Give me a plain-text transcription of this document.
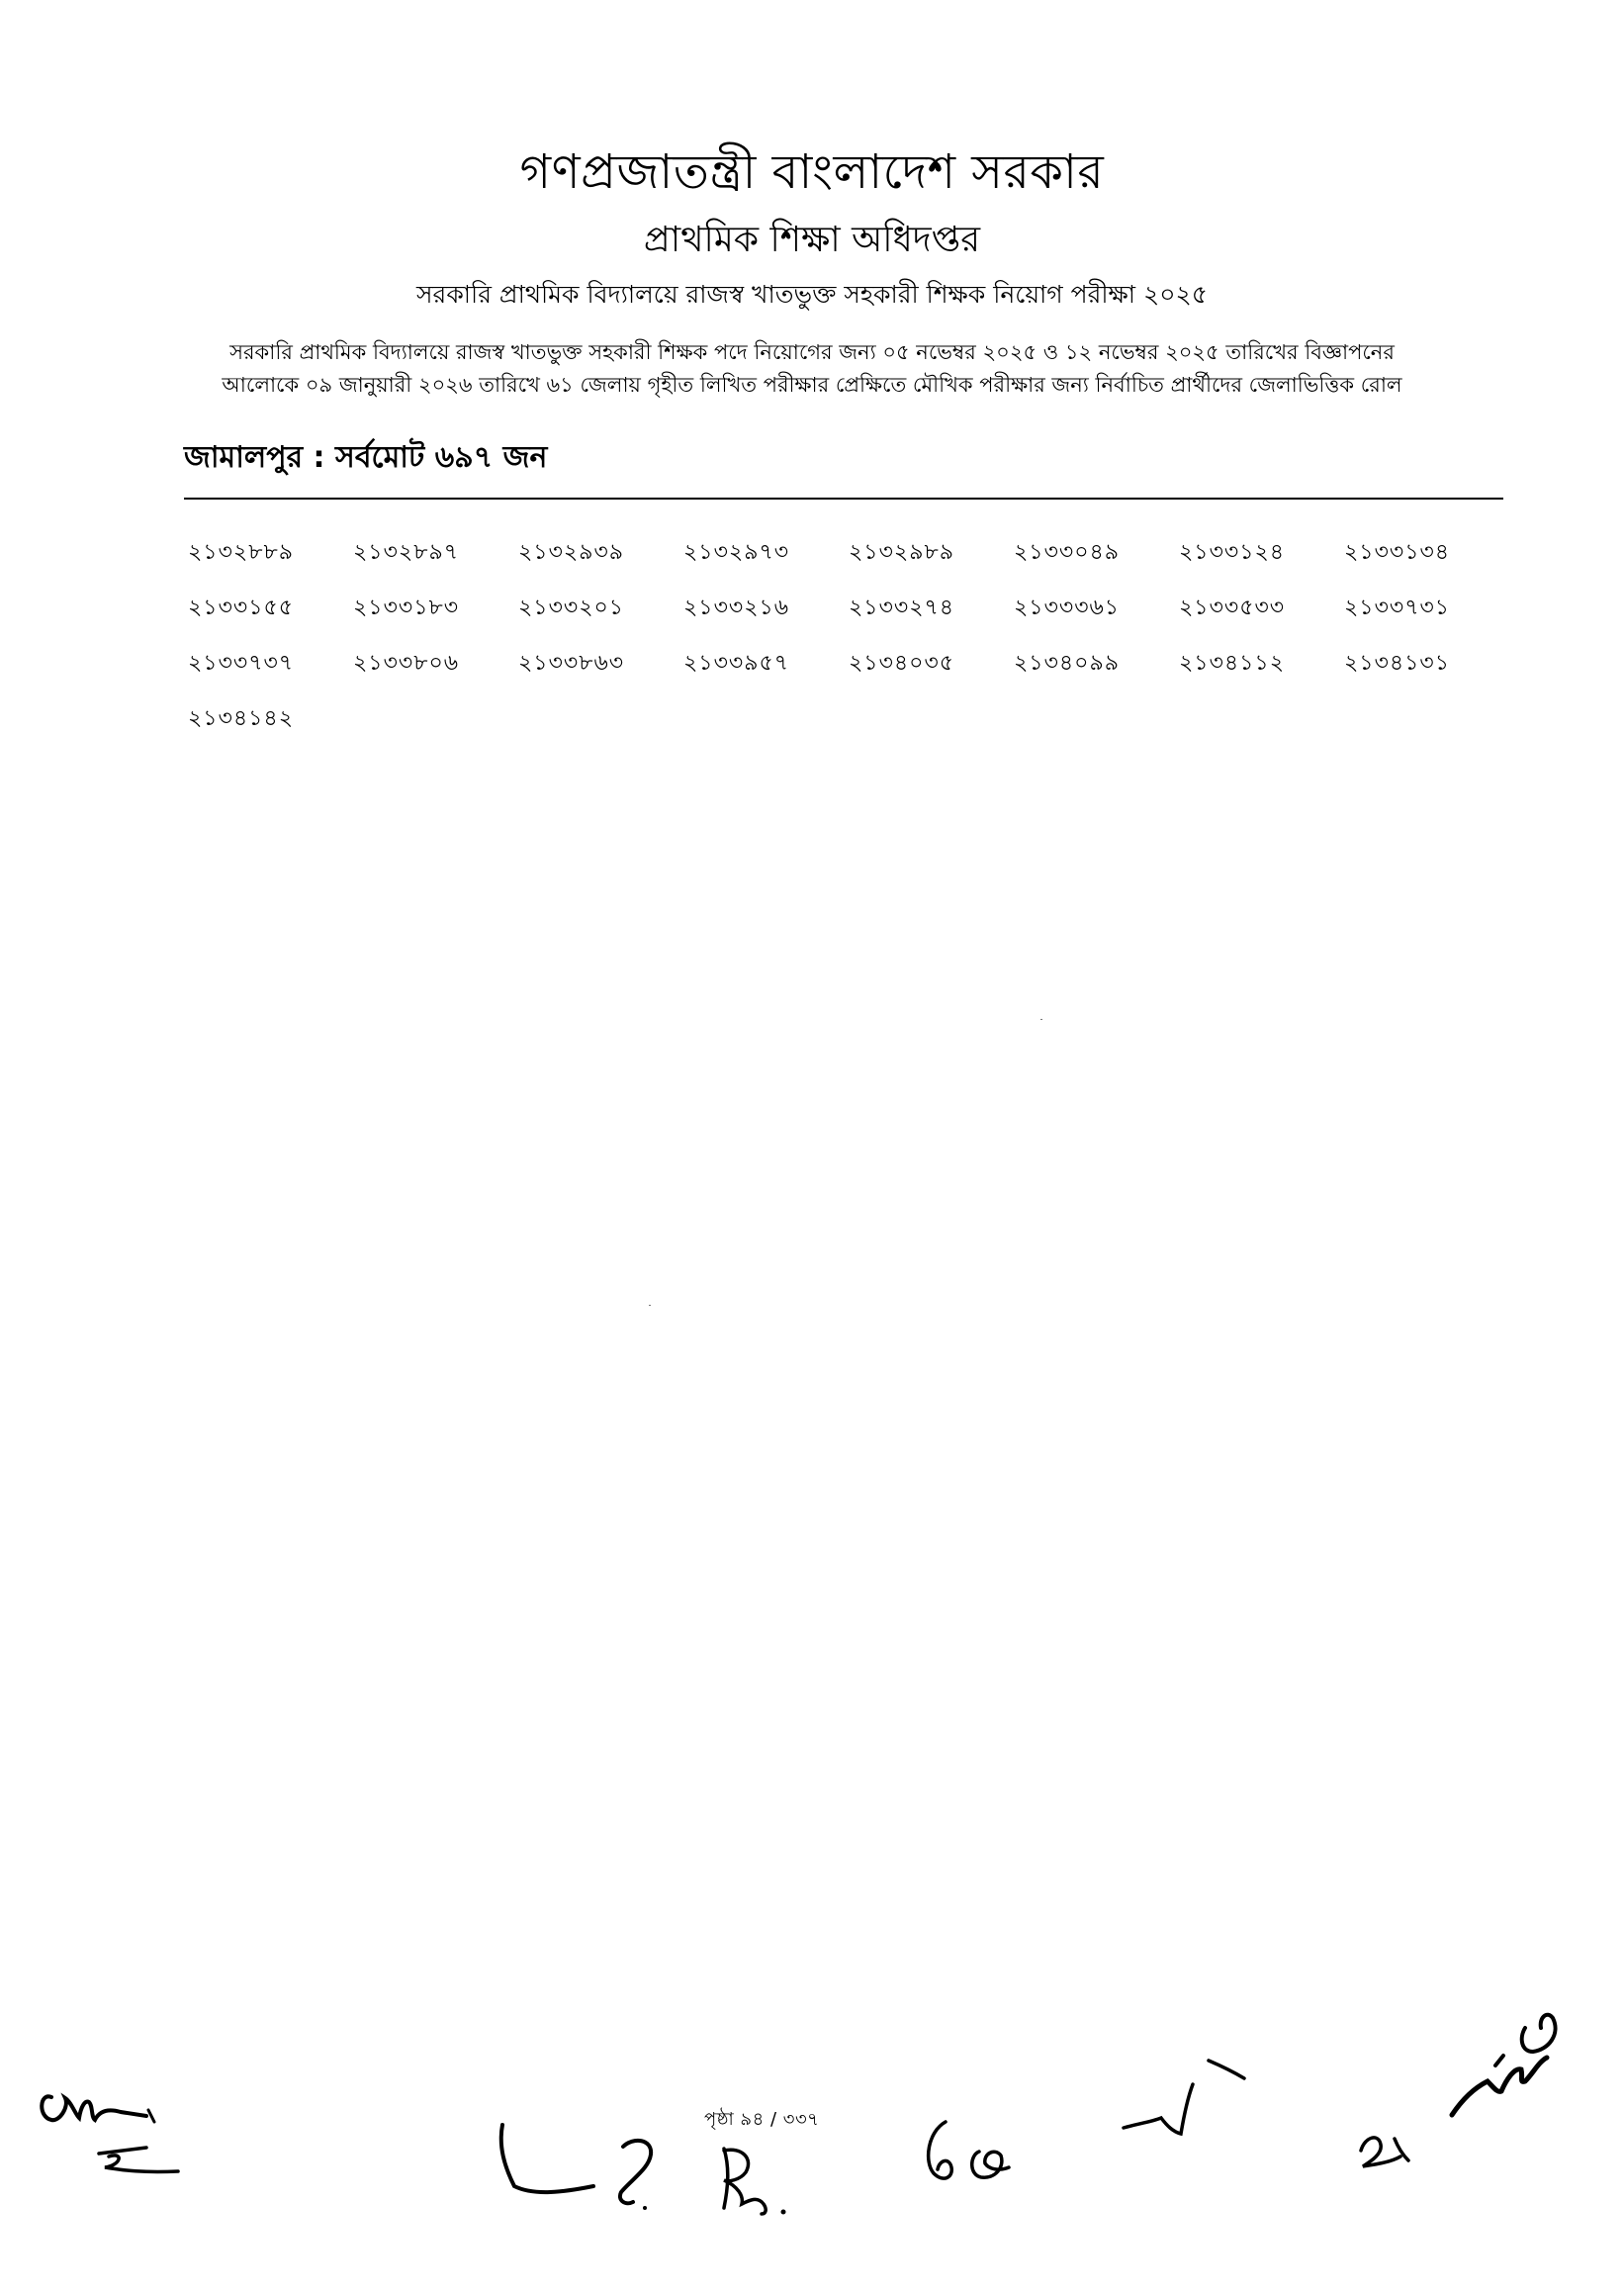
গণপ্রজাতন্ত্রী বাংলাদেশ সরকার
প্রাথমিক শিক্ষা অধিদপ্তর
সরকারি প্রাথমিক বিদ্যালয়ে রাজস্ব খাতভুক্ত সহকারী শিক্ষক নিয়োগ পরীক্ষা ২০২৫
সরকারি প্রাথমিক বিদ্যালয়ে রাজস্ব খাতভুক্ত সহকারী শিক্ষক পদে নিয়োগের জন্য ০৫ নভেম্বর ২০২৫ ও ১২ নভেম্বর ২০২৫ তারিখের বিজ্ঞাপনের
আলোকে ০৯ জানুয়ারী ২০২৬ তারিখে ৬১ জেলায় গৃহীত লিখিত পরীক্ষার প্রেক্ষিতে মৌখিক পরীক্ষার জন্য নির্বাচিত প্রার্থীদের জেলাভিত্তিক রোল
জামালপুর : সর্বমোট ৬৯৭ জন
২১৩২৮৮৯	২১৩২৮৯৭	২১৩২৯৩৯	২১৩২৯৭৩	২১৩২৯৮৯	২১৩৩০৪৯	২১৩৩১২৪	২১৩৩১৩৪
২১৩৩১৫৫	২১৩৩১৮৩	২১৩৩২০১	২১৩৩২১৬	২১৩৩২৭৪	২১৩৩৩৬১	২১৩৩৫৩৩	২১৩৩৭৩১
২১৩৩৭৩৭	২১৩৩৮০৬	২১৩৩৮৬৩	২১৩৩৯৫৭	২১৩৪০৩৫	২১৩৪০৯৯	২১৩৪১১২	২১৩৪১৩১
২১৩৪১৪২
পৃষ্ঠা ৯৪ / ৩৩৭
